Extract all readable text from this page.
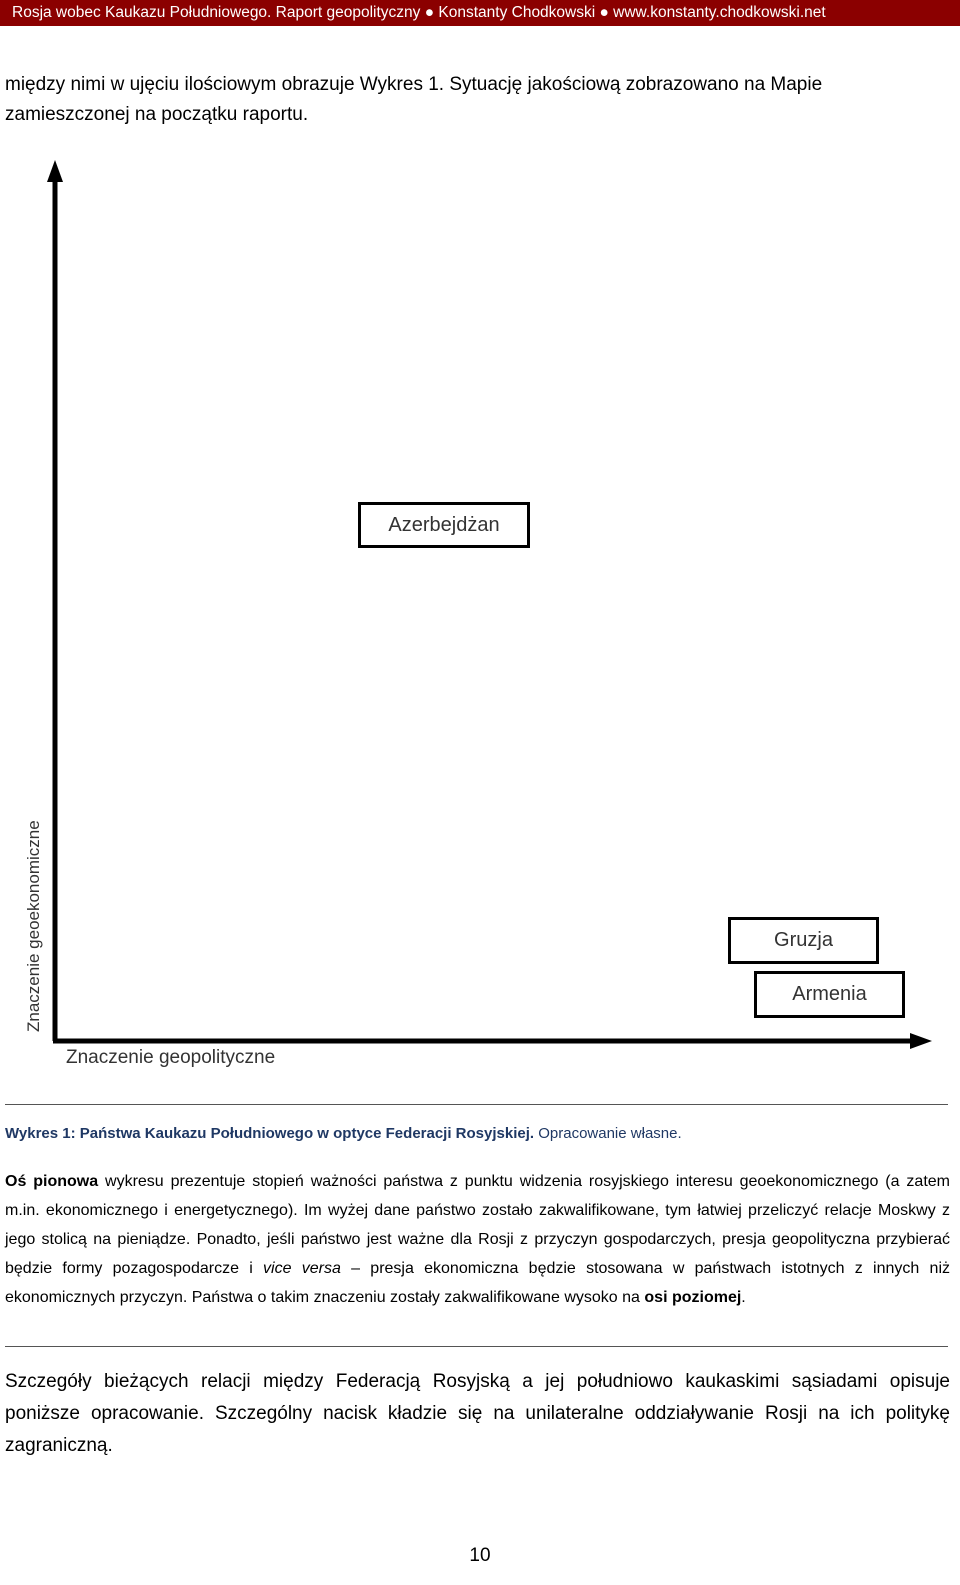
Rosja wobec Kaukazu Południowego. Raport geopolityczny ● Konstanty Chodkowski ● www.konstanty.chodkowski.net

między nimi w ujęciu ilościowym obrazuje Wykres 1. Sytuację jakościową zobrazowano na Mapie zamieszczonej na początku raportu.

Azerbejdżan
Gruzja
Armenia
Znaczenie geoekonomiczne
Znaczenie geopolityczne
Wykres 1: Państwa Kaukazu Południowego w optyce Federacji Rosyjskiej. Opracowanie własne.

Oś pionowa wykresu prezentuje stopień ważności państwa z punktu widzenia rosyjskiego interesu geoekonomicznego (a zatem m.in. ekonomicznego i energetycznego). Im wyżej dane państwo zostało zakwalifikowane, tym łatwiej przeliczyć relacje Moskwy z jego stolicą na pieniądze. Ponadto, jeśli państwo jest ważne dla Rosji z przyczyn gospodarczych, presja geopolityczna przybierać będzie formy pozagospodarcze i vice versa – presja ekonomiczna będzie stosowana w państwach istotnych z innych niż ekonomicznych przyczyn. Państwa o takim znaczeniu zostały zakwalifikowane wysoko na osi poziomej.

Szczegóły bieżących relacji między Federacją Rosyjską a jej południowo kaukaskimi sąsiadami opisuje poniższe opracowanie. Szczególny nacisk kładzie się na unilateralne oddziaływanie Rosji na ich politykę zagraniczną.

10
